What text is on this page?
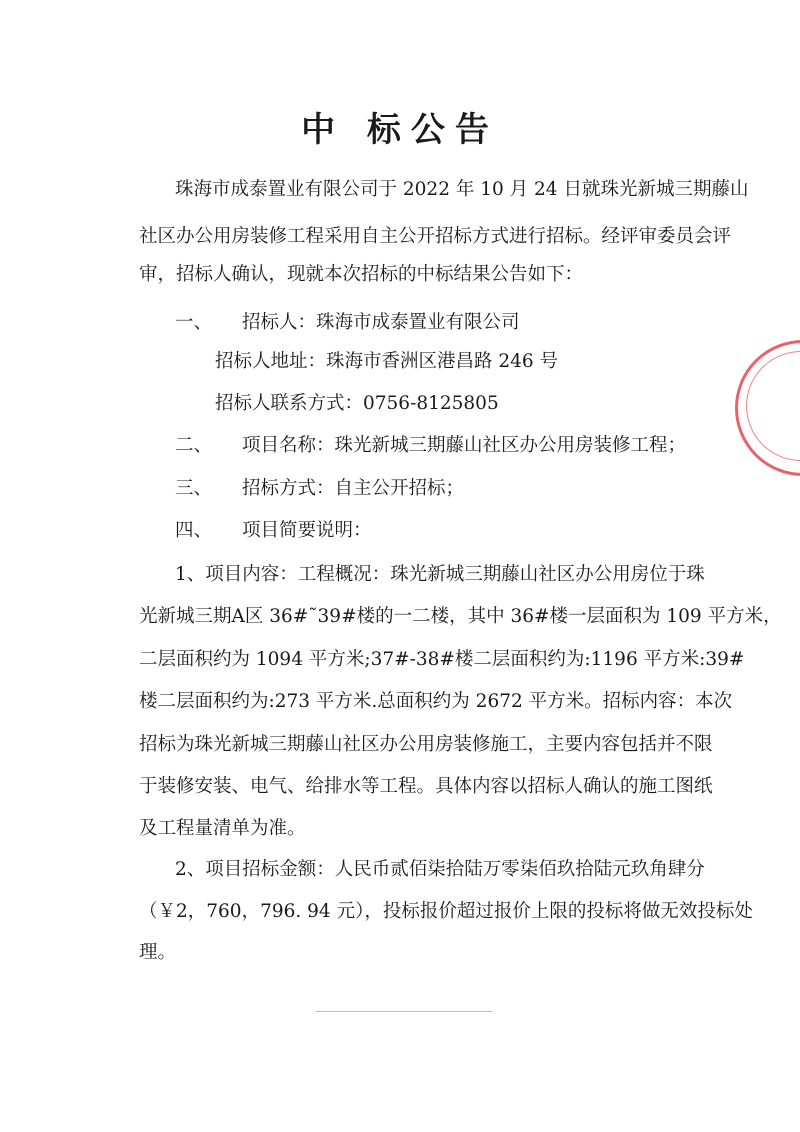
中 标公告
珠海市成泰置业有限公司于 2022 年 10 月 24 日就珠光新城三期藤山
社区办公用房装修工程采用自主公开招标方式进行招标。经评审委员会评
审，招标人确认，现就本次招标的中标结果公告如下：
一、 招标人：珠海市成泰置业有限公司
招标人地址：珠海市香洲区港昌路 246 号
招标人联系方式：0756-8125805
二、 项目名称：珠光新城三期藤山社区办公用房装修工程；
三、 招标方式：自主公开招标；
四、 项目简要说明：
1、项目内容：工程概况：珠光新城三期藤山社区办公用房位于珠
光新城三期A区 36#˜39#楼的一二楼，其中 36#楼一层面积为 109 平方米，
二层面积约为 1094 平方米;37#-38#楼二层面积约为:1196 平方米:39#
楼二层面积约为:273 平方米.总面积约为 2672 平方米。招标内容：本次
招标为珠光新城三期藤山社区办公用房装修施工，主要内容包括并不限
于装修安装、电气、给排水等工程。具体内容以招标人确认的施工图纸
及工程量清单为准。
2、项目招标金额：人民币贰佰柒拾陆万零柒佰玖拾陆元玖角肆分
（￥2，760，796. 94 元），投标报价超过报价上限的投标将做无效投标处
理。
